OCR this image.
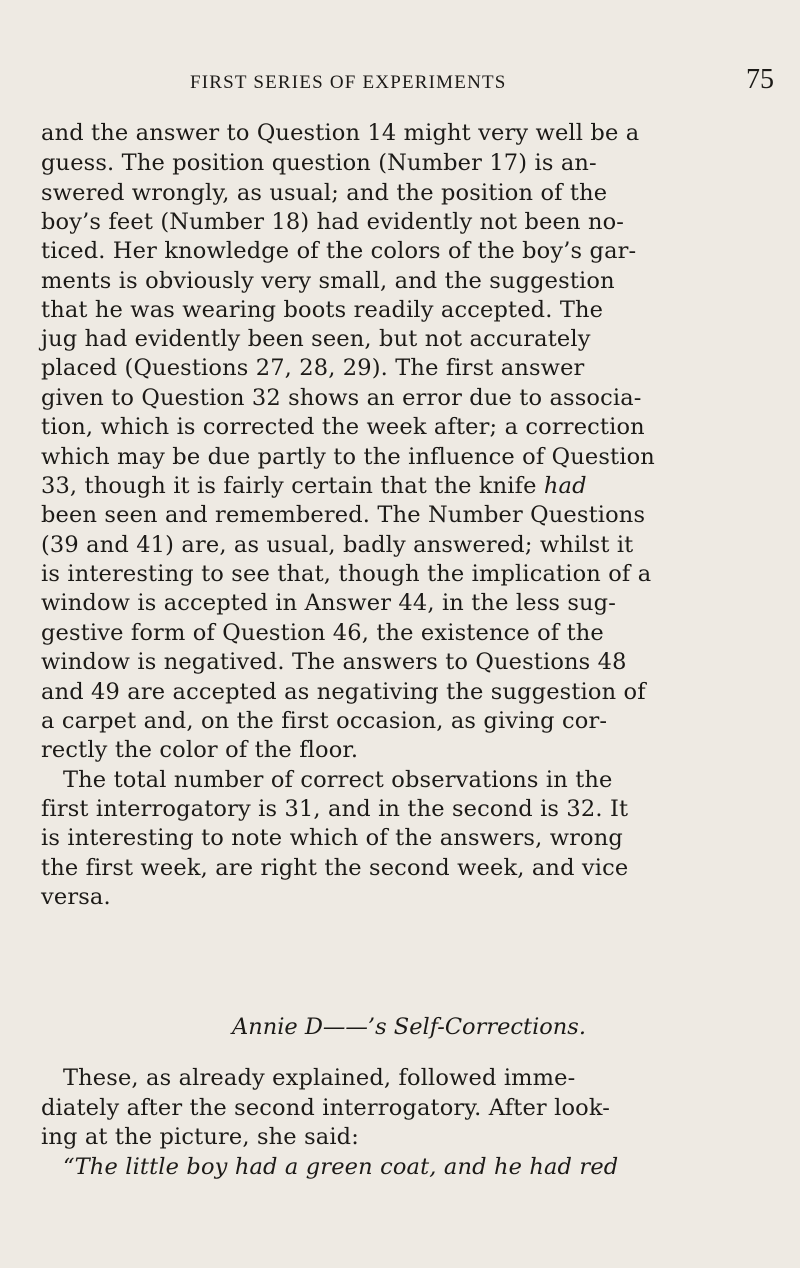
FIRST SERIES OF EXPERIMENTS	75
and the answer to Question 14 might very well be a
guess. The position question (Number 17) is an-
swered wrongly, as usual; and the position of the
boy’s feet (Number 18) had evidently not been no-
ticed. Her knowledge of the colors of the boy’s gar-
ments is obviously very small, and the suggestion
that he was wearing boots readily accepted. The
jug had evidently been seen, but not accurately
placed (Questions 27, 28, 29). The first answer
given to Question 32 shows an error due to associa-
tion, which is corrected the week after; a correction
which may be due partly to the influence of Question
33, though it is fairly certain that the knife had
been seen and remembered. The Number Questions
(39 and 41) are, as usual, badly answered; whilst it
is interesting to see that, though the implication of a
window is accepted in Answer 44, in the less sug-
gestive form of Question 46, the existence of the
window is negatived. The answers to Questions 48
and 49 are accepted as negativing the suggestion of
a carpet and, on the first occasion, as giving cor-
rectly the color of the floor.
The total number of correct observations in the
first interrogatory is 31, and in the second is 32. It
is interesting to note which of the answers, wrong
the first week, are right the second week, and vice
versa.
Annie D——’s Self-Corrections.
These, as already explained, followed imme-
diately after the second interrogatory. After look-
ing at the picture, she said:
“The little boy had a green coat, and he had red
